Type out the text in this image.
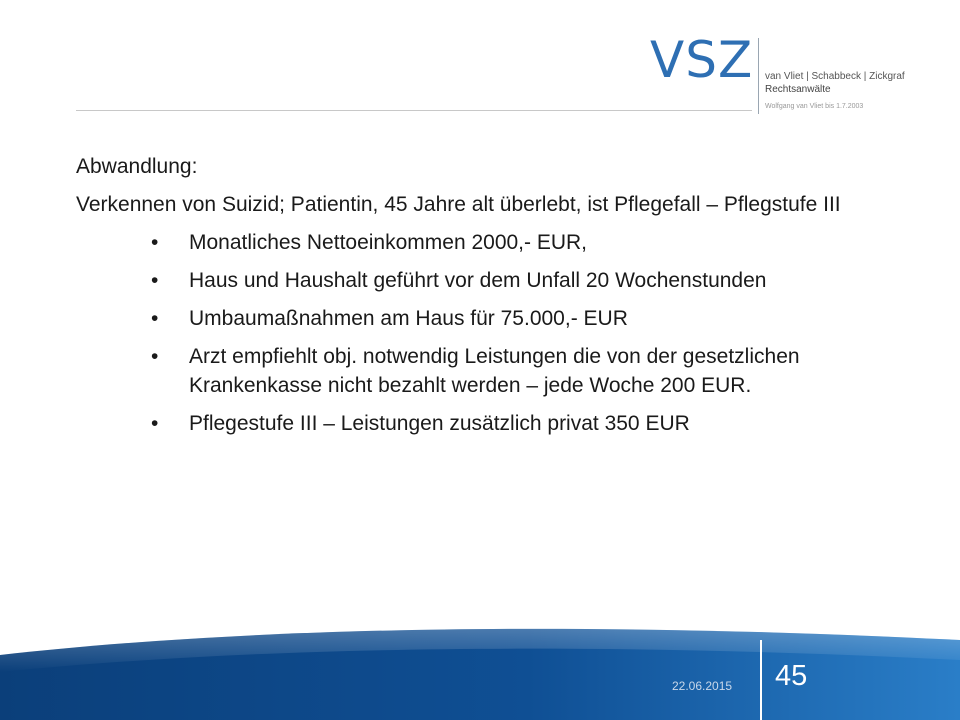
VSZ van Vliet | Schabbeck | Zickgraf
Rechtsanwälte
Wolfgang van Vliet bis 1.7.2003

Abwandlung:

Verkennen von Suizid; Patientin, 45 Jahre alt überlebt, ist Pflegefall – Pflegstufe III

• Monatliches Nettoeinkommen 2000,- EUR,
• Haus und Haushalt geführt vor dem Unfall 20 Wochenstunden
• Umbaumaßnahmen am Haus für 75.000,- EUR
• Arzt empfiehlt obj. notwendig Leistungen die von der gesetzlichen Krankenkasse nicht bezahlt werden – jede Woche 200 EUR.
• Pflegestufe III – Leistungen zusätzlich privat 350 EUR
22.06.2015 45
